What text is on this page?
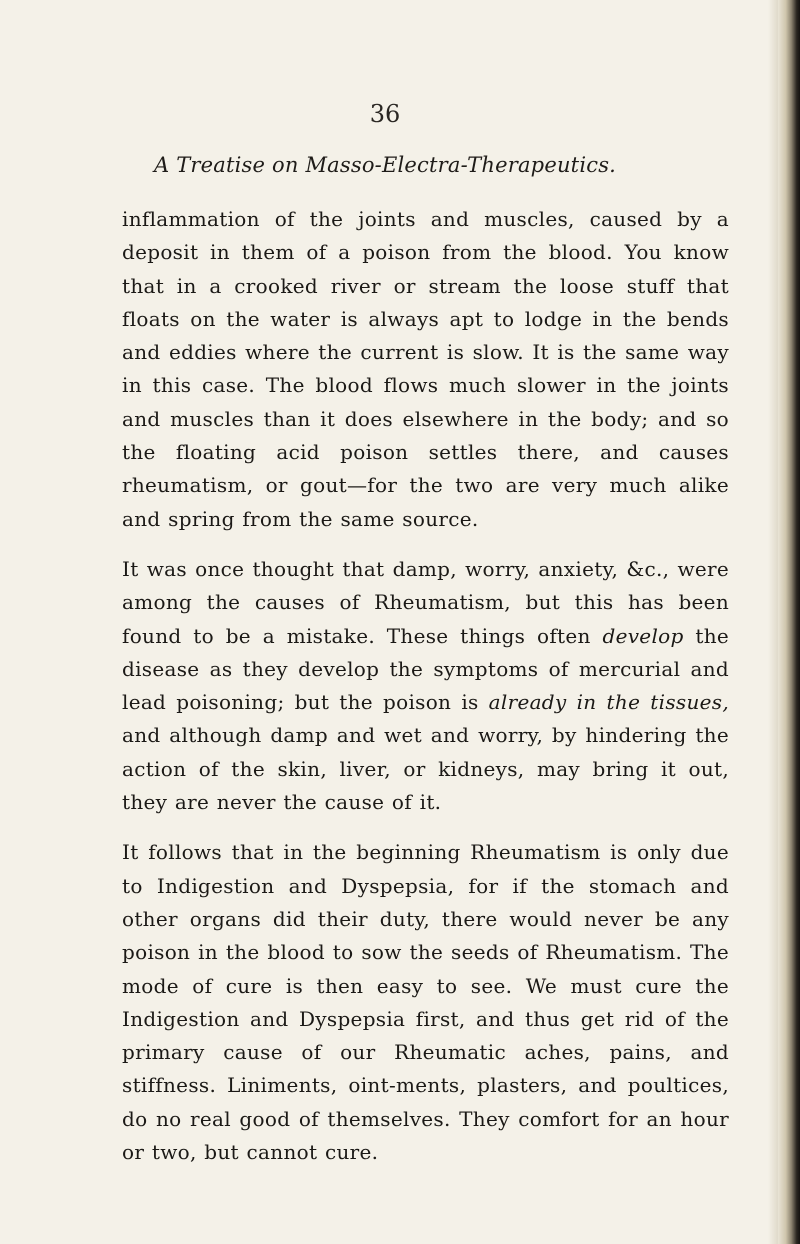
36
A Treatise on Masso-Electra-Therapeutics.

inflammation of the joints and muscles, caused by a deposit in them of a poison from the blood. You know that in a crooked river or stream the loose stuff that floats on the water is always apt to lodge in the bends and eddies where the current is slow. It is the same way in this case. The blood flows much slower in the joints and muscles than it does elsewhere in the body; and so the floating acid poison settles there, and causes rheumatism, or gout—for the two are very much alike and spring from the same source.

It was once thought that damp, worry, anxiety, &c., were among the causes of Rheumatism, but this has been found to be a mistake. These things often develop the disease as they develop the symptoms of mercurial and lead poisoning; but the poison is already in the tissues, and although damp and wet and worry, by hindering the action of the skin, liver, or kidneys, may bring it out, they are never the cause of it.

It follows that in the beginning Rheumatism is only due to Indigestion and Dyspepsia, for if the stomach and other organs did their duty, there would never be any poison in the blood to sow the seeds of Rheumatism. The mode of cure is then easy to see. We must cure the Indigestion and Dyspepsia first, and thus get rid of the primary cause of our Rheumatic aches, pains, and stiffness. Liniments, oint-ments, plasters, and poultices, do no real good of themselves. They comfort for an hour or two, but cannot cure.
